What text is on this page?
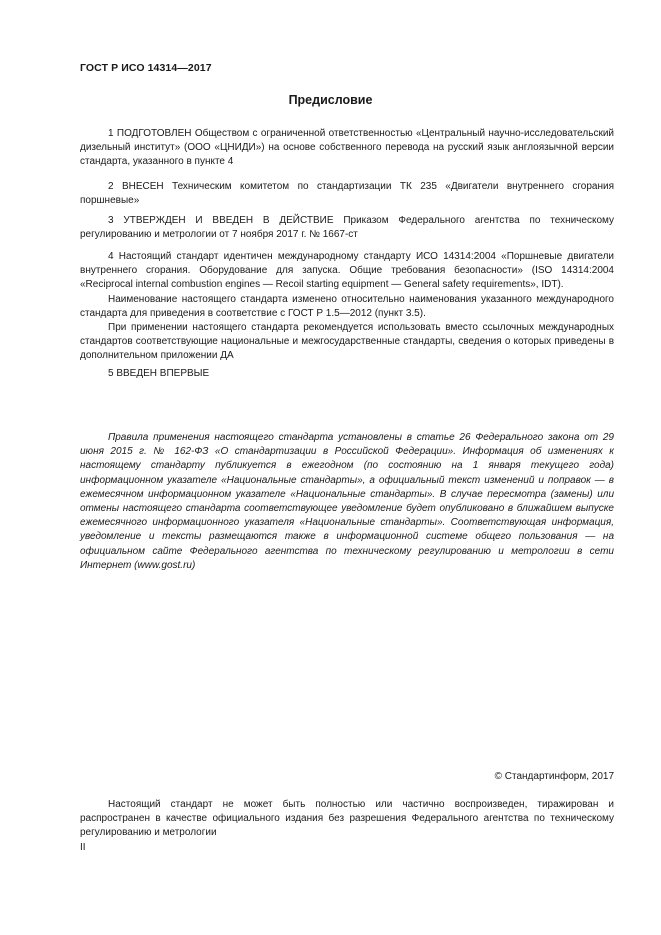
ГОСТ Р ИСО 14314—2017
Предисловие

1 ПОДГОТОВЛЕН Обществом с ограниченной ответственностью «Центральный научно-исследовательский дизельный институт» (ООО «ЦНИДИ») на основе собственного перевода на русский язык англоязычной версии стандарта, указанного в пункте 4

2 ВНЕСЕН Техническим комитетом по стандартизации ТК 235 «Двигатели внутреннего сгорания поршневые»

3 УТВЕРЖДЕН И ВВЕДЕН В ДЕЙСТВИЕ Приказом Федерального агентства по техническому регулированию и метрологии от 7 ноября 2017 г. № 1667-ст

4 Настоящий стандарт идентичен международному стандарту ИСО 14314:2004 «Поршневые двигатели внутреннего сгорания. Оборудование для запуска. Общие требования безопасности» (ISO 14314:2004 «Reciprocal internal combustion engines — Recoil starting equipment — General safety requirements», IDT).

Наименование настоящего стандарта изменено относительно наименования указанного международного стандарта для приведения в соответствие с ГОСТ Р 1.5—2012 (пункт 3.5).

При применении настоящего стандарта рекомендуется использовать вместо ссылочных международных стандартов соответствующие национальные и межгосударственные стандарты, сведения о которых приведены в дополнительном приложении ДА

5 ВВЕДЕН ВПЕРВЫЕ

Правила применения настоящего стандарта установлены в статье 26 Федерального закона от 29 июня 2015 г. № 162-ФЗ «О стандартизации в Российской Федерации». Информация об изменениях к настоящему стандарту публикуется в ежегодном (по состоянию на 1 января текущего года) информационном указателе «Национальные стандарты», а официальный текст изменений и поправок — в ежемесячном информационном указателе «Национальные стандарты». В случае пересмотра (замены) или отмены настоящего стандарта соответствующее уведомление будет опубликовано в ближайшем выпуске ежемесячного информационного указателя «Национальные стандарты». Соответствующая информация, уведомление и тексты размещаются также в информационной системе общего пользования — на официальном сайте Федерального агентства по техническому регулированию и метрологии в сети Интернет (www.gost.ru)

© Стандартинформ, 2017

Настоящий стандарт не может быть полностью или частично воспроизведен, тиражирован и распространен в качестве официального издания без разрешения Федерального агентства по техническому регулированию и метрологии

II
